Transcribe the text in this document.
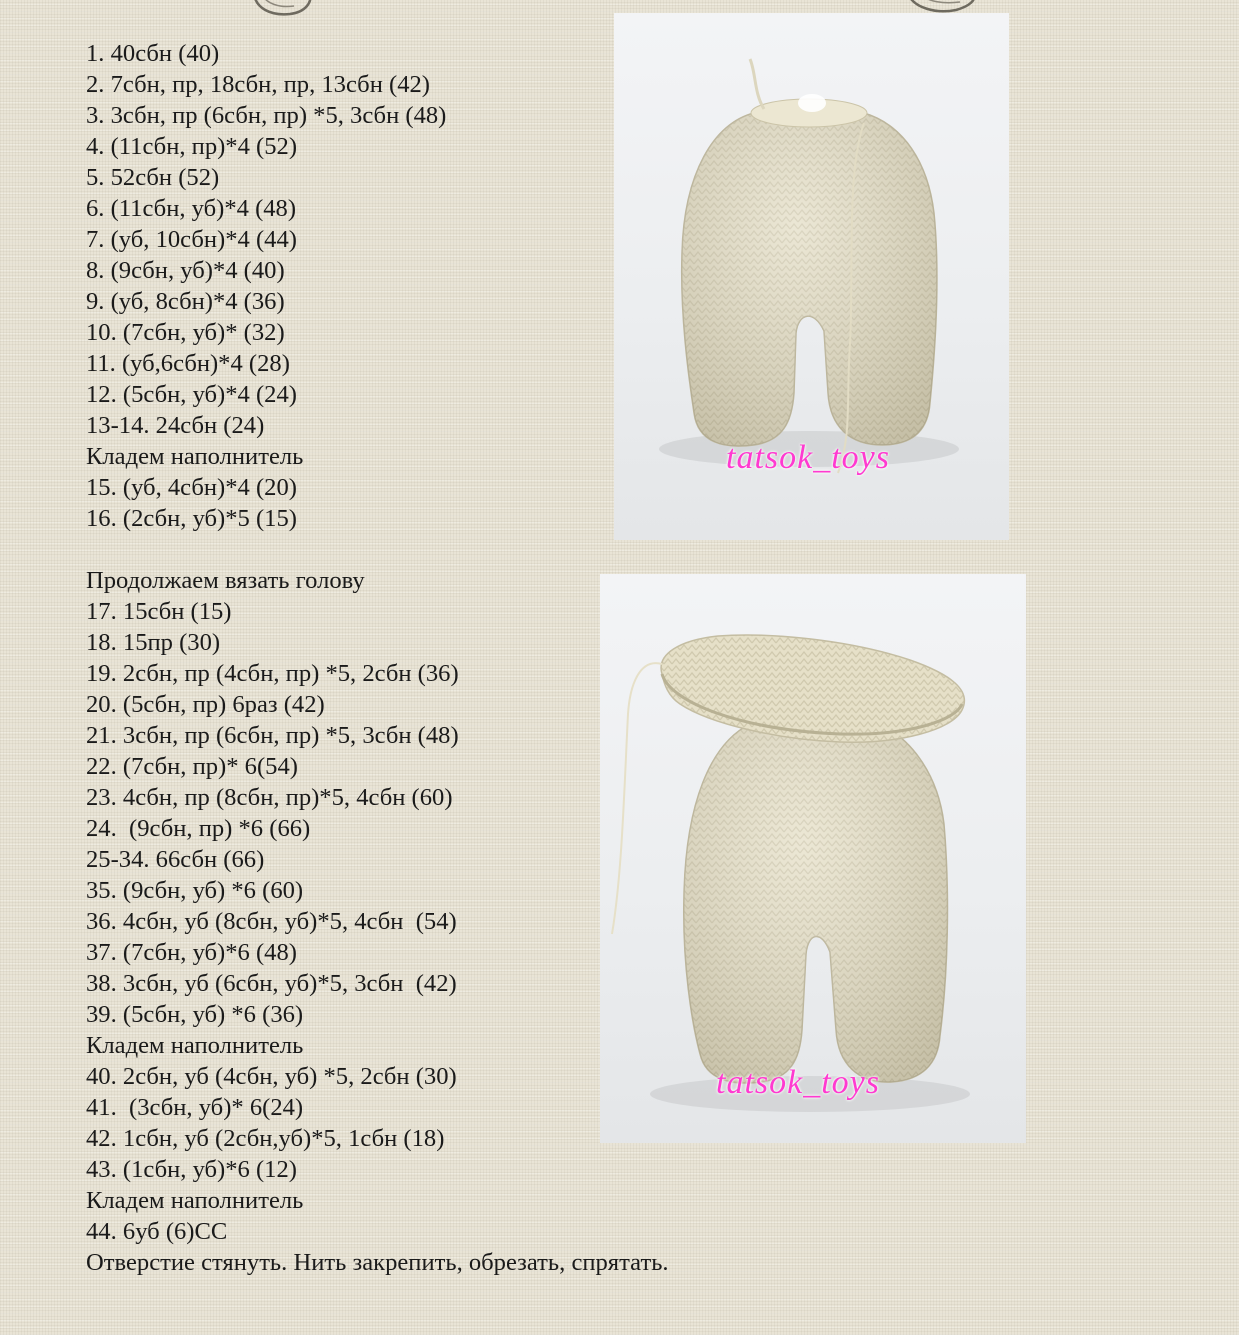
1. 40сбн (40)
2. 7сбн, пр, 18сбн, пр, 13сбн (42)
3. 3сбн, пр (6сбн, пр) *5, 3сбн (48)
4. (11сбн, пр)*4 (52)
5. 52сбн (52)
6. (11сбн, уб)*4 (48)
7. (уб, 10сбн)*4 (44)
8. (9сбн, уб)*4 (40)
9. (уб, 8сбн)*4 (36)
10. (7сбн, уб)* (32)
11. (уб,6сбн)*4 (28)
12. (5сбн, уб)*4 (24)
13-14. 24сбн (24)
Кладем наполнитель
15. (уб, 4сбн)*4 (20)
16. (2сбн, уб)*5 (15)
Продолжаем вязать голову
17. 15сбн (15)
18. 15пр (30)
19. 2сбн, пр (4сбн, пр) *5, 2сбн (36)
20. (5сбн, пр) 6раз (42)
21. 3сбн, пр (6сбн, пр) *5, 3сбн (48)
22. (7сбн, пр)* 6(54)
23. 4сбн, пр (8сбн, пр)*5, 4сбн (60)
24.  (9сбн, пр) *6 (66)
25-34. 66сбн (66)
35. (9сбн, уб) *6 (60)
36. 4сбн, уб (8сбн, уб)*5, 4сбн  (54)
37. (7сбн, уб)*6 (48)
38. 3сбн, уб (6сбн, уб)*5, 3сбн  (42)
39. (5сбн, уб) *6 (36)
Кладем наполнитель
40. 2сбн, уб (4сбн, уб) *5, 2сбн (30)
41.  (3сбн, уб)* 6(24)
42. 1сбн, уб (2сбн,уб)*5, 1сбн (18)
43. (1сбн, уб)*6 (12)
Кладем наполнитель
44. 6уб (6)СС
Отверстие стянуть. Нить закрепить, обрезать, спрятать.
tatsok_toys
tatsok_toys
